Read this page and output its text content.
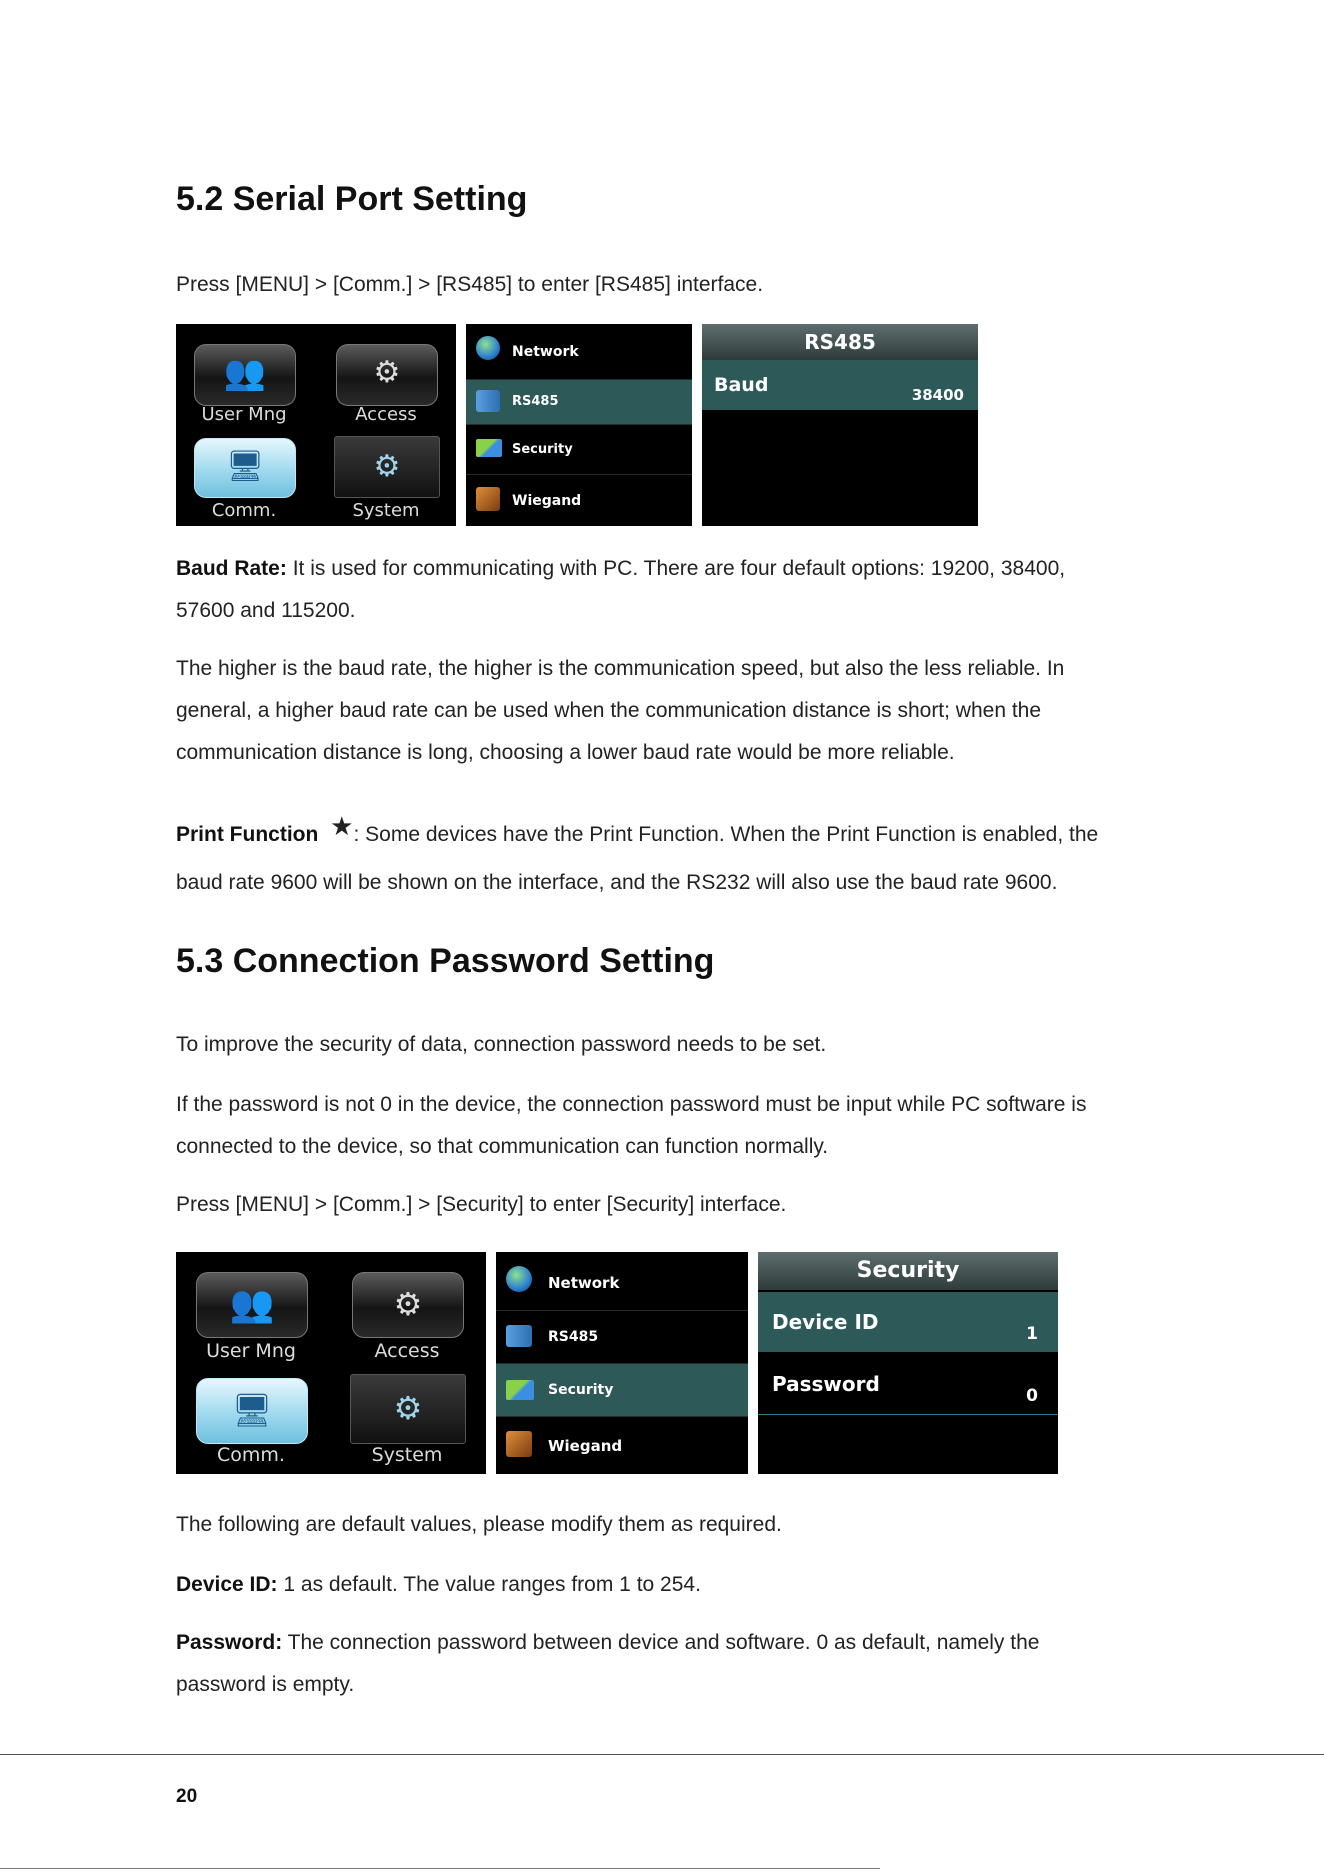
5.2 Serial Port Setting
Press [MENU] > [Comm.] > [RS485] to enter [RS485] interface.
👥
User Mng
⚙
Access
🖥
Comm.
⚙
System
Network
RS485
Security
Wiegand
RS485
Baud	38400
Baud Rate: It is used for communicating with PC. There are four default options: 19200, 38400,
57600 and 115200.
The higher is the baud rate, the higher is the communication speed, but also the less reliable. In
general, a higher baud rate can be used when the communication distance is short; when the
communication distance is long, choosing a lower baud rate would be more reliable.
Print Function ★: Some devices have the Print Function. When the Print Function is enabled, the
baud rate 9600 will be shown on the interface, and the RS232 will also use the baud rate 9600.
5.3 Connection Password Setting
To improve the security of data, connection password needs to be set.
If the password is not 0 in the device, the connection password must be input while PC software is
connected to the device, so that communication can function normally.
Press [MENU] > [Comm.] > [Security] to enter [Security] interface.
👥
User Mng
⚙
Access
🖥
Comm.
⚙
System
Network
RS485
Security
Wiegand
Security
Device ID	1
Password	0
The following are default values, please modify them as required.
Device ID: 1 as default. The value ranges from 1 to 254.
Password: The connection password between device and software. 0 as default, namely the
password is empty.
20
